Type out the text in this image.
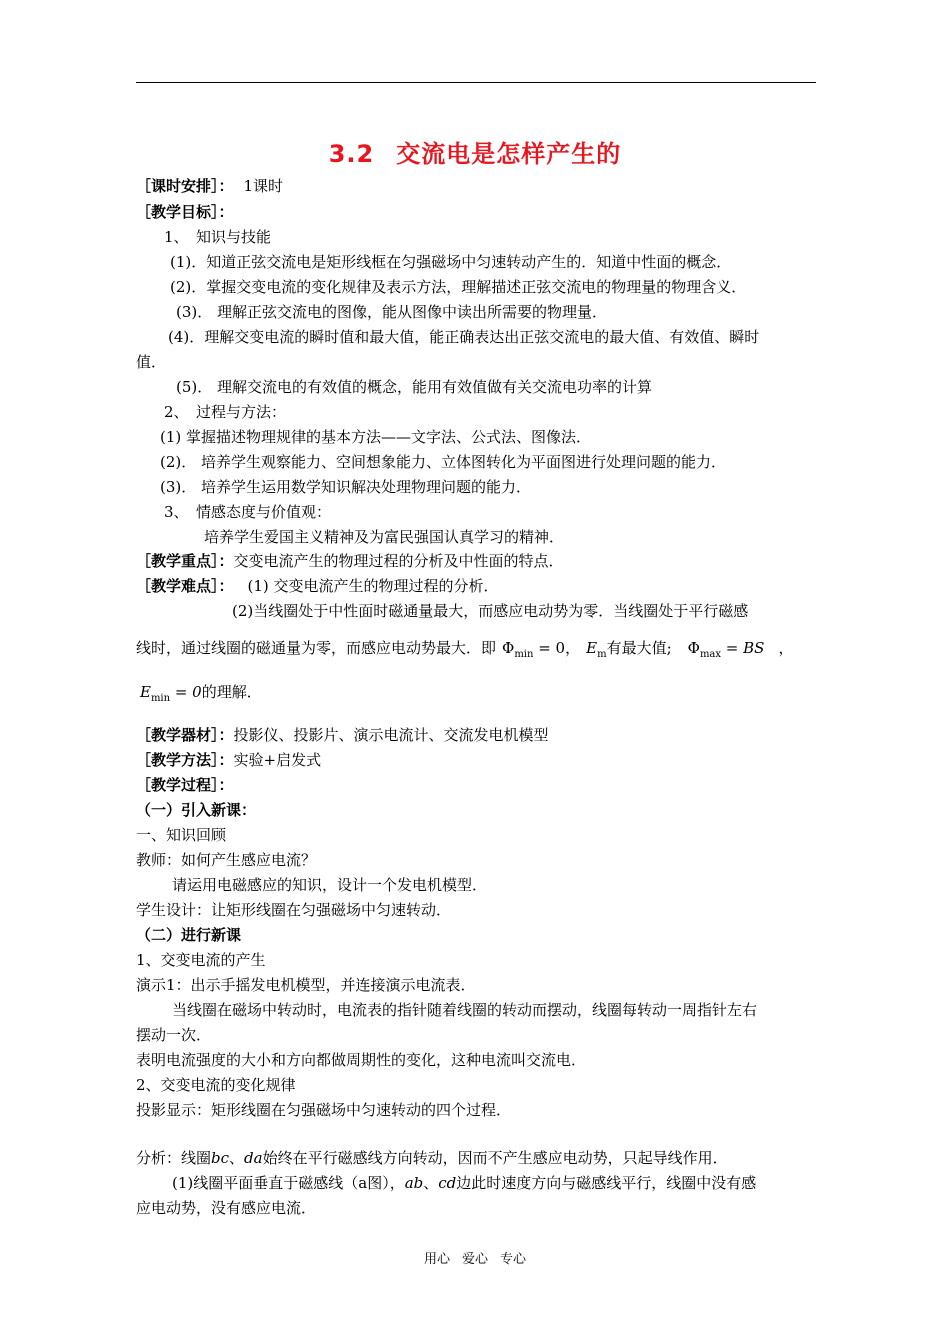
3.2 交流电是怎样产生的
［课时安排］： 1课时
［教学目标］：
1、　知识与技能
(1)．知道正弦交流电是矩形线框在匀强磁场中匀速转动产生的．知道中性面的概念．
(2)．掌握交变电流的变化规律及表示方法，理解描述正弦交流电的物理量的物理含义．
(3)． 理解正弦交流电的图像，能从图像中读出所需要的物理量．
(4)．理解交变电流的瞬时值和最大值，能正确表达出正弦交流电的最大值、有效值、瞬时
值．
(5)． 理解交流电的有效值的概念，能用有效值做有关交流电功率的计算
2、　过程与方法：
(1) 掌握描述物理规律的基本方法——文字法、公式法、图像法．
(2)． 培养学生观察能力、空间想象能力、立体图转化为平面图进行处理问题的能力．
(3)． 培养学生运用数学知识解决处理物理问题的能力．
3、　情感态度与价值观：
培养学生爱国主义精神及为富民强国认真学习的精神．
［教学重点］：交变电流产生的物理过程的分析及中性面的特点．
［教学难点］： (1) 交变电流产生的物理过程的分析．
(2)当线圈处于中性面时磁通量最大，而感应电动势为零．当线圈处于平行磁感
线时，通过线圈的磁通量为零，而感应电动势最大．即 $\Phi_{min} = 0$， $E_m$有最大值; $\Phi_{max}$ = BS ，
$E_{min} = 0$的理解．
［教学器材］：投影仪、投影片、演示电流计、交流发电机模型
［教学方法］：实验+启发式
［教学过程］：
（一）引入新课：
一、知识回顾
教师：如何产生感应电流？
请运用电磁感应的知识，设计一个发电机模型．
学生设计：让矩形线圈在匀强磁场中匀速转动．
（二）进行新课
1、交变电流的产生
演示1：出示手摇发电机模型，并连接演示电流表．
当线圈在磁场中转动时，电流表的指针随着线圈的转动而摆动，线圈每转动一周指针左右
摆动一次．
表明电流强度的大小和方向都做周期性的变化，这种电流叫交流电．
2、交变电流的变化规律
投影显示：矩形线圈在匀强磁场中匀速转动的四个过程．
分析：线圈bc、da始终在平行磁感线方向转动，因而不产生感应电动势，只起导线作用．
(1)线圈平面垂直于磁感线（a图），ab、cd边此时速度方向与磁感线平行，线圈中没有感
应电动势，没有感应电流．
用心 爱心 专心
